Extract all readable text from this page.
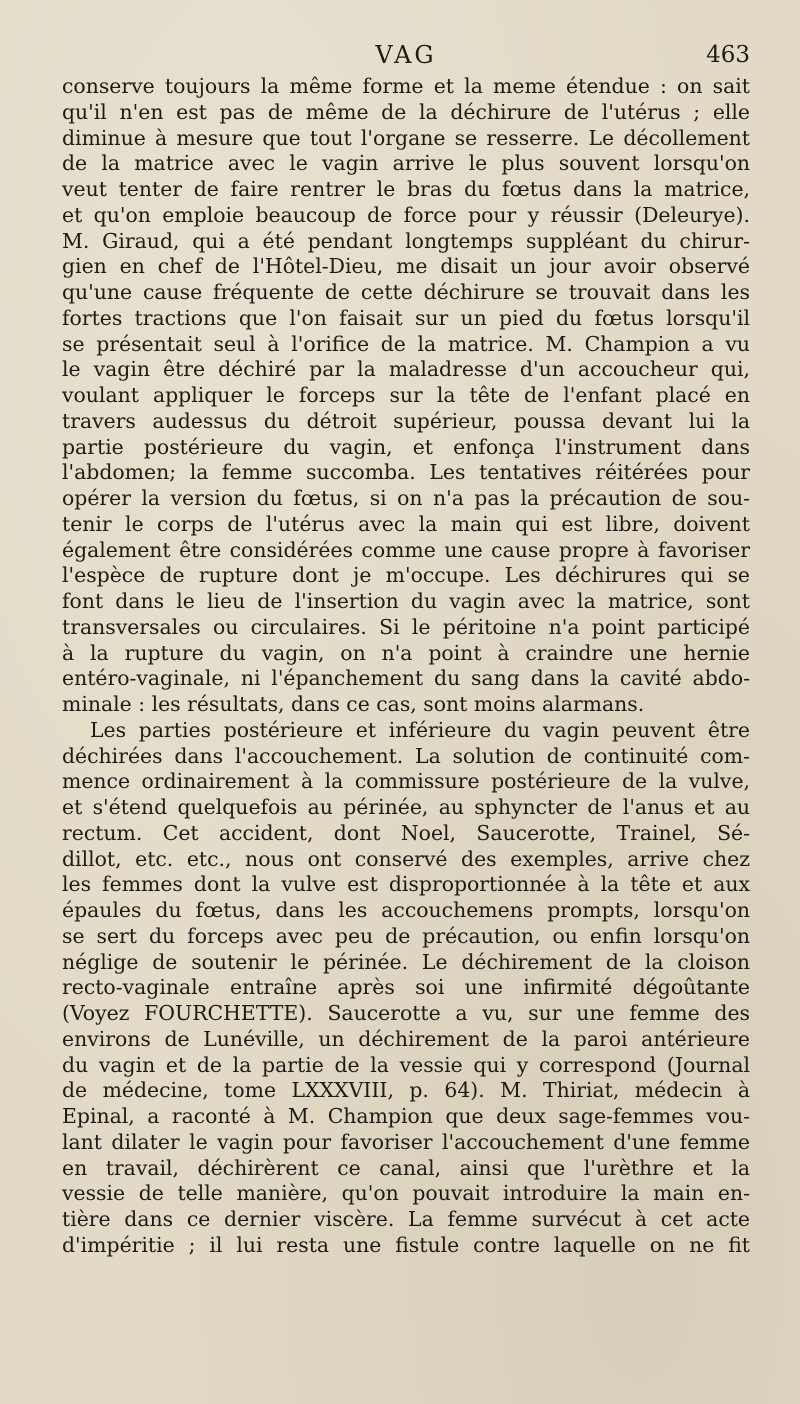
VAG	463
conserve toujours la même forme et la meme étendue : on sait
qu'il n'en est pas de même de la déchirure de l'utérus ; elle
diminue à mesure que tout l'organe se resserre. Le décollement
de la matrice avec le vagin arrive le plus souvent lorsqu'on
veut tenter de faire rentrer le bras du fœtus dans la matrice,
et qu'on emploie beaucoup de force pour y réussir (Deleurye).
M. Giraud, qui a été pendant longtemps suppléant du chirur-
gien en chef de l'Hôtel-Dieu, me disait un jour avoir observé
qu'une cause fréquente de cette déchirure se trouvait dans les
fortes tractions que l'on faisait sur un pied du fœtus lorsqu'il
se présentait seul à l'orifice de la matrice. M. Champion a vu
le vagin être déchiré par la maladresse d'un accoucheur qui,
voulant appliquer le forceps sur la tête de l'enfant placé en
travers audessus du détroit supérieur, poussa devant lui la
partie postérieure du vagin, et enfonça l'instrument dans
l'abdomen; la femme succomba. Les tentatives réitérées pour
opérer la version du fœtus, si on n'a pas la précaution de sou-
tenir le corps de l'utérus avec la main qui est libre, doivent
également être considérées comme une cause propre à favoriser
l'espèce de rupture dont je m'occupe. Les déchirures qui se
font dans le lieu de l'insertion du vagin avec la matrice, sont
transversales ou circulaires. Si le péritoine n'a point participé
à la rupture du vagin, on n'a point à craindre une hernie
entéro-vaginale, ni l'épanchement du sang dans la cavité abdo-
minale : les résultats, dans ce cas, sont moins alarmans.
Les parties postérieure et inférieure du vagin peuvent être
déchirées dans l'accouchement. La solution de continuité com-
mence ordinairement à la commissure postérieure de la vulve,
et s'étend quelquefois au périnée, au sphyncter de l'anus et au
rectum. Cet accident, dont Noel, Saucerotte, Trainel, Sé-
dillot, etc. etc., nous ont conservé des exemples, arrive chez
les femmes dont la vulve est disproportionnée à la tête et aux
épaules du fœtus, dans les accouchemens prompts, lorsqu'on
se sert du forceps avec peu de précaution, ou enfin lorsqu'on
néglige de soutenir le périnée. Le déchirement de la cloison
recto-vaginale entraîne après soi une infirmité dégoûtante
(Voyez FOURCHETTE). Saucerotte a vu, sur une femme des
environs de Lunéville, un déchirement de la paroi antérieure
du vagin et de la partie de la vessie qui y correspond (Journal
de médecine, tome LXXXVIII, p. 64). M. Thiriat, médecin à
Epinal, a raconté à M. Champion que deux sage-femmes vou-
lant dilater le vagin pour favoriser l'accouchement d'une femme
en travail, déchirèrent ce canal, ainsi que l'urèthre et la
vessie de telle manière, qu'on pouvait introduire la main en-
tière dans ce dernier viscère. La femme survécut à cet acte
d'impéritie ; il lui resta une fistule contre laquelle on ne fit
